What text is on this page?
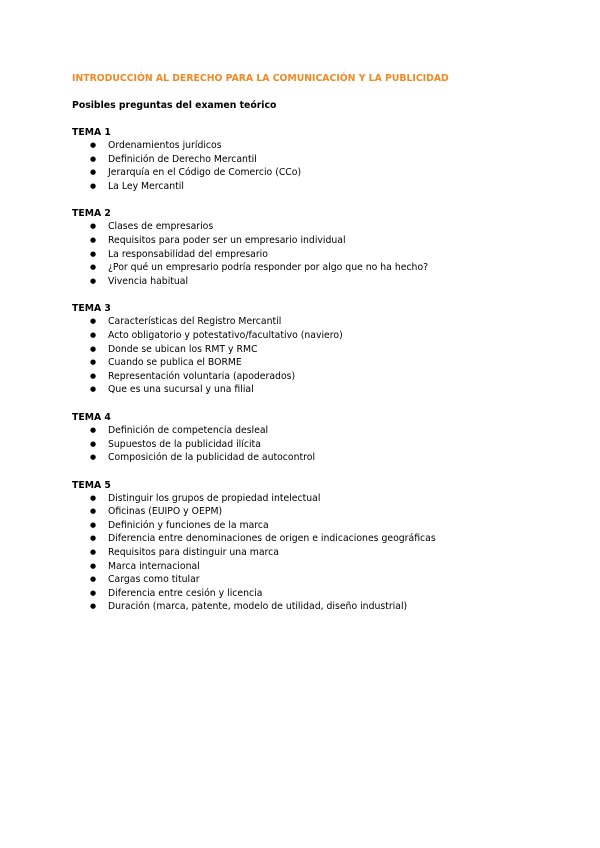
INTRODUCCIÓN AL DERECHO PARA LA COMUNICACIÓN Y LA PUBLICIDAD

Posibles preguntas del examen teórico

TEMA 1

● Ordenamientos jurídicos
● Definición de Derecho Mercantil
● Jerarquía en el Código de Comercio (CCo)
● La Ley Mercantil

TEMA 2

● Clases de empresarios
● Requisitos para poder ser un empresario individual
● La responsabilidad del empresario
● ¿Por qué un empresario podría responder por algo que no ha hecho?
● Vivencia habitual

TEMA 3

● Características del Registro Mercantil
● Acto obligatorio y potestativo/facultativo (naviero)
● Donde se ubican los RMT y RMC
● Cuando se publica el BORME
● Representación voluntaria (apoderados)
● Que es una sucursal y una filial

TEMA 4

● Definición de competencia desleal
● Supuestos de la publicidad ilícita
● Composición de la publicidad de autocontrol

TEMA 5

● Distinguir los grupos de propiedad intelectual
● Oficinas (EUIPO y OEPM)
● Definición y funciones de la marca
● Diferencia entre denominaciones de origen e indicaciones geográficas
● Requisitos para distinguir una marca
● Marca internacional
● Cargas como titular
● Diferencia entre cesión y licencia
● Duración (marca, patente, modelo de utilidad, diseño industrial)
